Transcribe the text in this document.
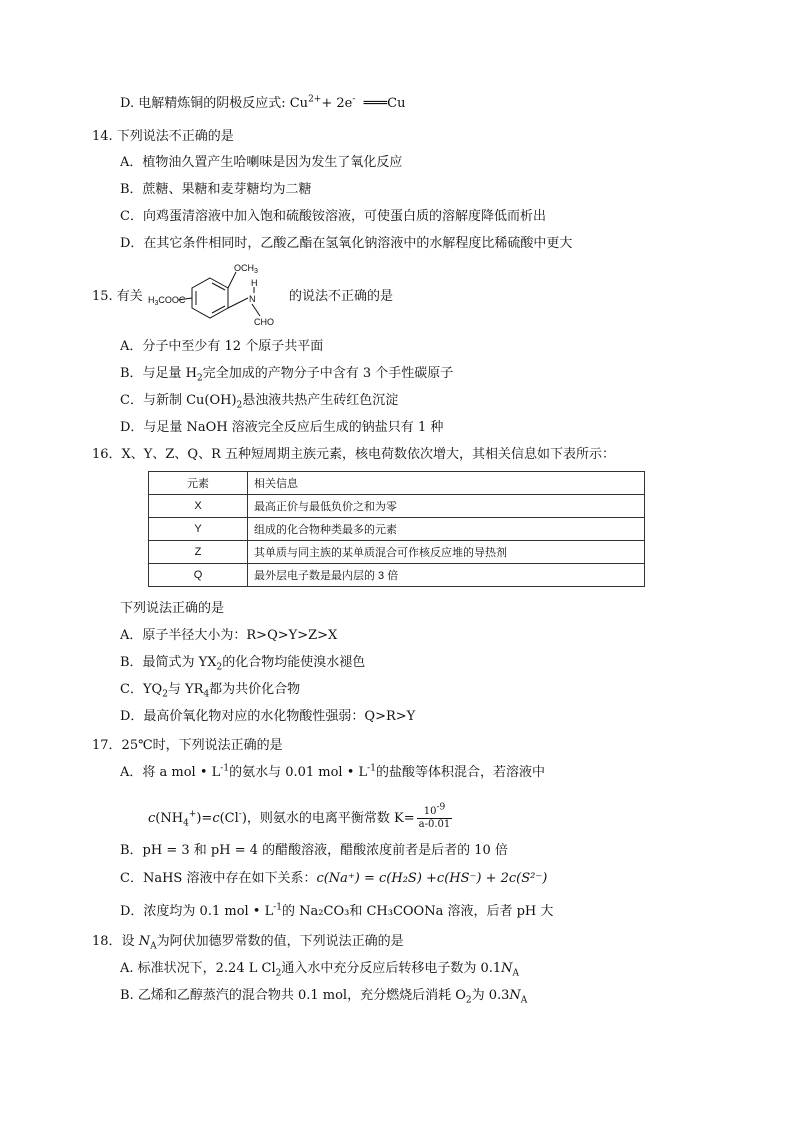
D. 电解精炼铜的阴极反应式: $Cu^{2+}+ 2e^-$ ═══Cu
14. 下列说法不正确的是
A．植物油久置产生哈喇味是因为发生了氧化反应
B．蔗糖、果糖和麦芽糖均为二糖
C．向鸡蛋清溶液中加入饱和硫酸铵溶液，可使蛋白质的溶解度降低而析出
D．在其它条件相同时，乙酸乙酯在氢氧化钠溶液中的水解程度比稀硫酸中更大
15. 有关
$OCH_3$
H
N
CHO
$H_3COOC$	的说法不正确的是
A．分子中至少有 12 个原子共平面
B．与足量 $H_2$完全加成的产物分子中含有 3 个手性碳原子
C．与新制 $Cu(OH)_2$悬浊液共热产生砖红色沉淀
D．与足量 NaOH 溶液完全反应后生成的钠盐只有 1 种
16．X、Y、Z、Q、R 五种短周期主族元素，核电荷数依次增大，其相关信息如下表所示：
元素	相关信息
X	最高正价与最低负价之和为零
Y	组成的化合物种类最多的元素
Z	其单质与同主族的某单质混合可作核反应堆的导热剂
Q	最外层电子数是最内层的 3 倍
下列说法正确的是
A．原子半径大小为：R>Q>Y>Z>X
B．最简式为 $YX_2$的化合物均能使溴水褪色
C．$YQ_2$与 $YR_4$都为共价化合物
D．最高价氧化物对应的水化物酸性强弱：Q>R>Y
17．25℃时，下列说法正确的是
A．将 a mol • $L^{-1}$的氨水与 0.01 mol • $L^{-1}$的盐酸等体积混合，若溶液中
$c(NH_4^+)=c(Cl^-)$，则氨水的电离平衡常数 $K= \frac{10^{-9}}{a-0.01}$
B．pH = 3 和 pH = 4 的醋酸溶液，醋酸浓度前者是后者的 10 倍
C．NaHS 溶液中存在如下关系：c(Na⁺) = c(H₂S) +c(HS⁻) + 2c(S²⁻)
D．浓度均为 0.1 mol • $L^{-1}$的 Na₂CO₃和 CH₃COONa 溶液，后者 pH 大
18．设 $N_A$为阿伏加德罗常数的值，下列说法正确的是
A. 标准状况下，2.24 L $Cl_2$通入水中充分反应后转移电子数为 $0.1N_A$
B. 乙烯和乙醇蒸汽的混合物共 0.1 mol，充分燃烧后消耗 $O_2$为 $0.3N_A$
